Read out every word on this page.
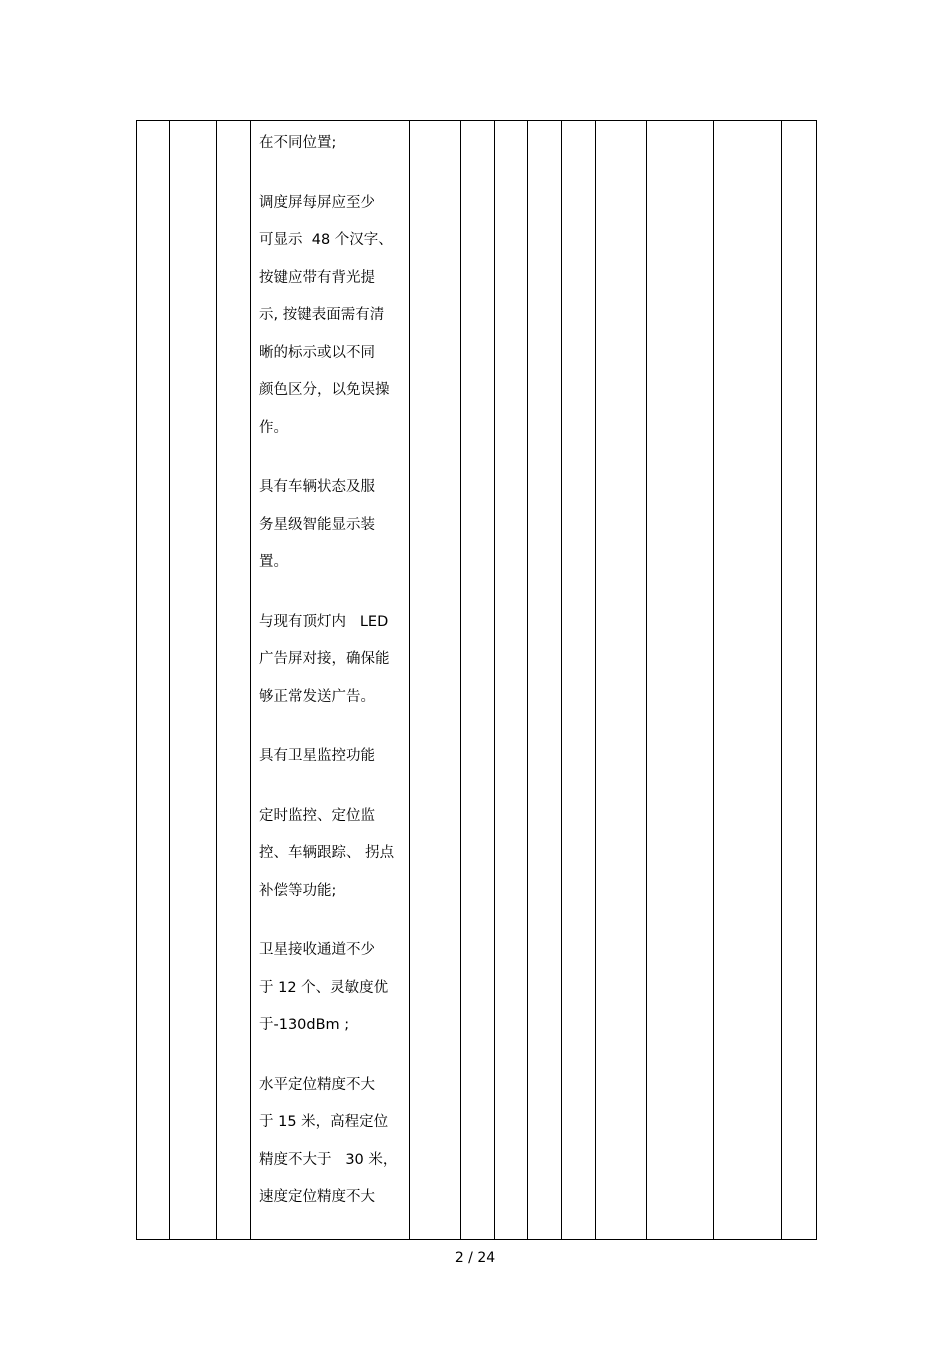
在不同位置;
调度屏每屏应至少
可显示  48 个汉字、
按键应带有背光提
示, 按键表面需有清
晰的标示或以不同
颜色区分，以免误操
作。
具有车辆状态及服
务星级智能显示装
置。
与现有顶灯内   LED
广告屏对接，确保能
够正常发送广告。
具有卫星监控功能
定时监控、定位监
控、车辆跟踪、 拐点
补偿等功能;
卫星接收通道不少
于 12 个、灵敏度优
于-130dBm ;
水平定位精度不大
于 15 米，高程定位
精度不大于   30 米，
速度定位精度不大

2 / 24
